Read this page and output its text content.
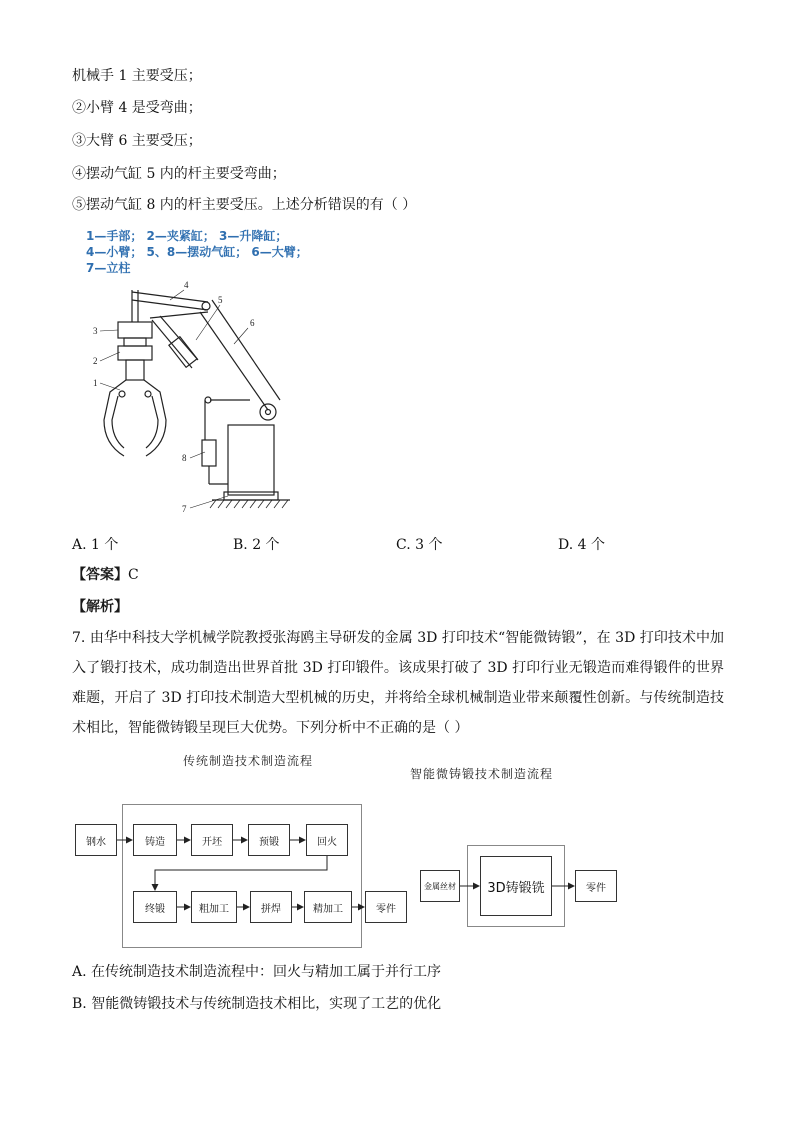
机械手 1 主要受压；
②小臂 4 是受弯曲；
③大臂 6 主要受压；
④摆动气缸 5 内的杆主要受弯曲；
⑤摆动气缸 8 内的杆主要受压。上述分析错误的有（ ）
1—手部； 2—夹紧缸； 3—升降缸；
4—小臂； 5、8—摆动气缸； 6—大臂；
7—立柱
1
2
3
4
5
6
7
8
A. 1 个	B. 2 个	C. 3 个	D. 4 个
【答案】C
【解析】
7. 由华中科技大学机械学院教授张海鸥主导研发的金属 3D 打印技术“智能微铸锻”，在 3D 打印技术中加入了锻打技术，成功制造出世界首批 3D 打印锻件。该成果打破了 3D 打印行业无锻造而难得锻件的世界难题，开启了 3D 打印技术制造大型机械的历史，并将给全球机械制造业带来颠覆性创新。与传统制造技术相比，智能微铸锻呈现巨大优势。下列分析中不正确的是（ ）
传统制造技术制造流程
智能微铸锻技术制造流程
钢水	铸造	开坯	预锻	回火
终锻	粗加工	拼焊	精加工	零件
金属丝材	3D铸锻铣	零件
A. 在传统制造技术制造流程中：回火与精加工属于并行工序
B. 智能微铸锻技术与传统制造技术相比，实现了工艺的优化
